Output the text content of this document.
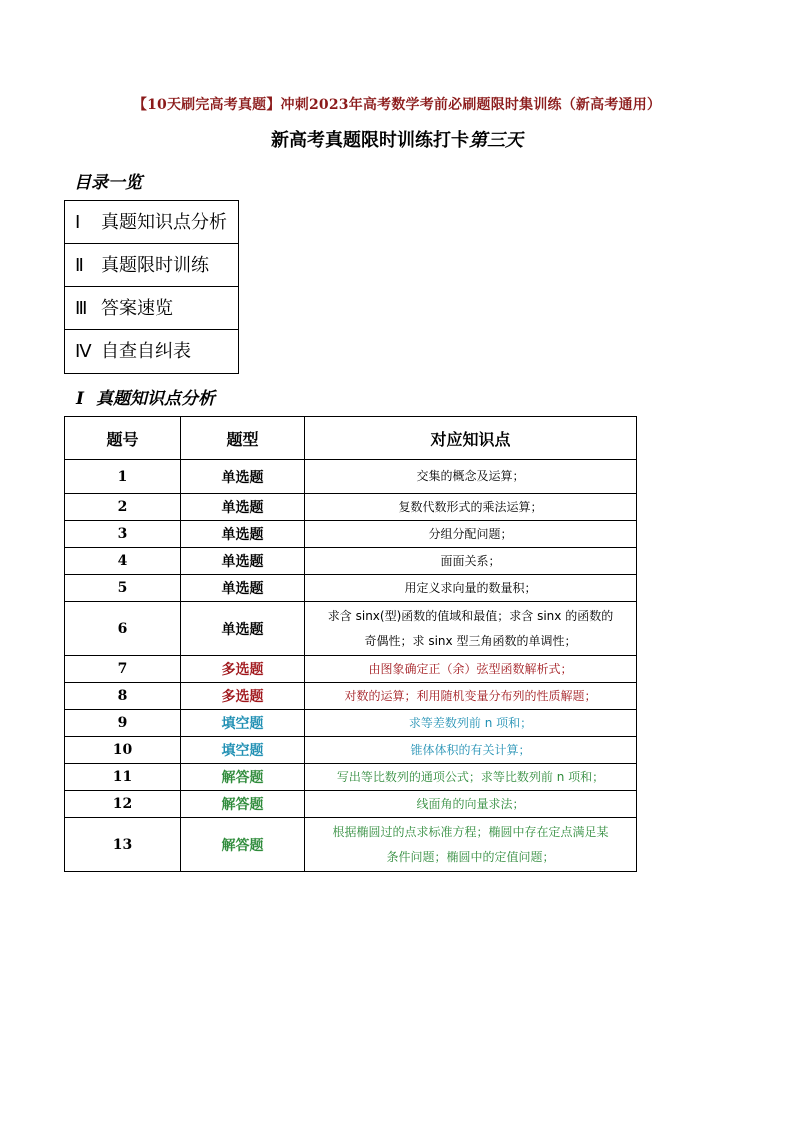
【10天刷完高考真题】冲刺2023年高考数学考前必刷题限时集训练（新高考通用）
新高考真题限时训练打卡第三天
目录一览
Ⅰ 真题知识点分析
Ⅱ 真题限时训练
Ⅲ 答案速览
Ⅳ 自查自纠表
Ⅰ 真题知识点分析
题号	题型	对应知识点
1	单选题	交集的概念及运算；
2	单选题	复数代数形式的乘法运算；
3	单选题	分组分配问题；
4	单选题	面面关系；
5	单选题	用定义求向量的数量积；
6	单选题	求含 sinx(型)函数的值域和最值；求含 sinx 的函数的
奇偶性；求 sinx 型三角函数的单调性；

7	多选题	由图象确定正（余）弦型函数解析式；
8	多选题	对数的运算；利用随机变量分布列的性质解题；
9	填空题	求等差数列前 n 项和；
10	填空题	锥体体积的有关计算；
11	解答题	写出等比数列的通项公式；求等比数列前 n 项和；
12	解答题	线面角的向量求法；
13	解答题	根据椭圆过的点求标准方程；椭圆中存在定点满足某
条件问题；椭圆中的定值问题；
